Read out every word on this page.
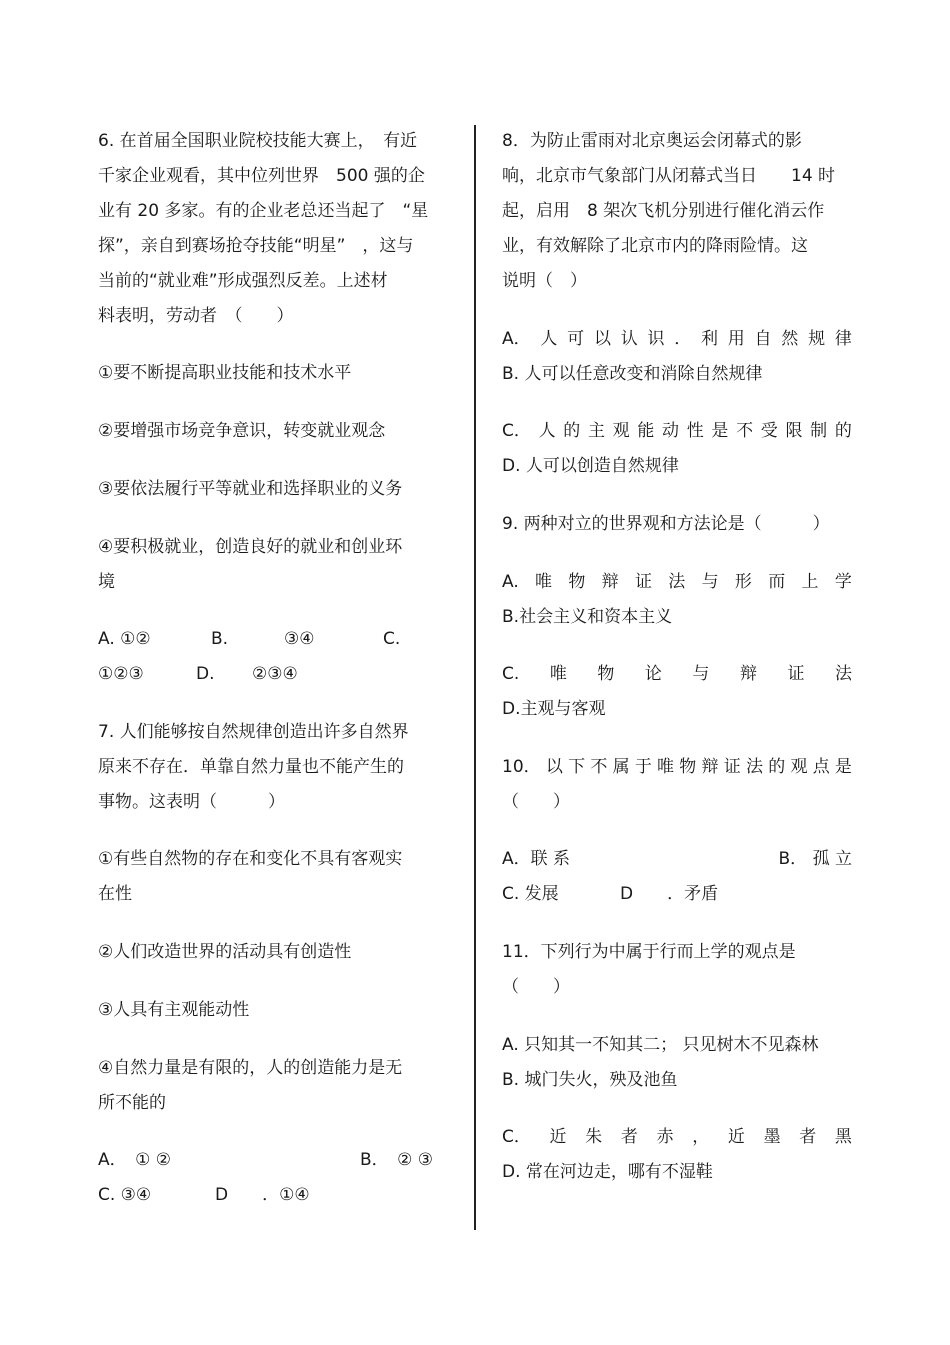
6. 在首届全国职业院校技能大赛上，　有近
千家企业观看，其中位列世界　500 强的企
业有 20 多家。有的企业老总还当起了　“星
探”，亲自到赛场抢夺技能“明星”　，这与
当前的“就业难”形成强烈反差。上述材
料表明，劳动者　（　　）
①要不断提高职业技能和技术水平
②要增强市场竞争意识，转变就业观念
③要依法履行平等就业和选择职业的义务
④要积极就业，创造良好的就业和创业环
境
A. ①②	B.	③④	C.
①②③	D. ②③④
7. 人们能够按自然规律创造出许多自然界
原来不存在．单靠自然力量也不能产生的
事物。这表明（　　　）
①有些自然物的存在和变化不具有客观实
在性
②人们改造世界的活动具有创造性
③人具有主观能动性
④自然力量是有限的，人的创造能力是无
所不能的
A．　① ②	B．　② ③
C. ③④	D　　．①④
8．为防止雷雨对北京奥运会闭幕式的影
响，北京市气象部门从闭幕式当日　　14 时
起，启用　8 架次飞机分别进行催化消云作
业，有效解除了北京市内的降雨险情。这
说明（　）
A． 人 可 以 认 识 ． 利 用 自 然 规 律
B. 人可以任意改变和消除自然规律
C． 人 的 主 观 能 动 性 是 不 受 限 制 的
D. 人可以创造自然规律
9. 两种对立的世界观和方法论是（　　　）
A. 唯 物 辩 证 法 与 形 而 上 学
B.社会主义和资本主义
C. 唯 物 论 与 辩 证 法
D.主观与客观
10． 以 下 不 属 于 唯 物 辩 证 法 的 观 点 是
（　　）
A．联 系	B． 孤 立
C. 发展	D　　．矛盾
11．下列行为中属于行而上学的观点是
（　　）
A. 只知其一不知其二； 只见树木不见森林
B. 城门失火，殃及池鱼
C． 近 朱 者 赤 ， 近 墨 者 黑
D. 常在河边走，哪有不湿鞋
